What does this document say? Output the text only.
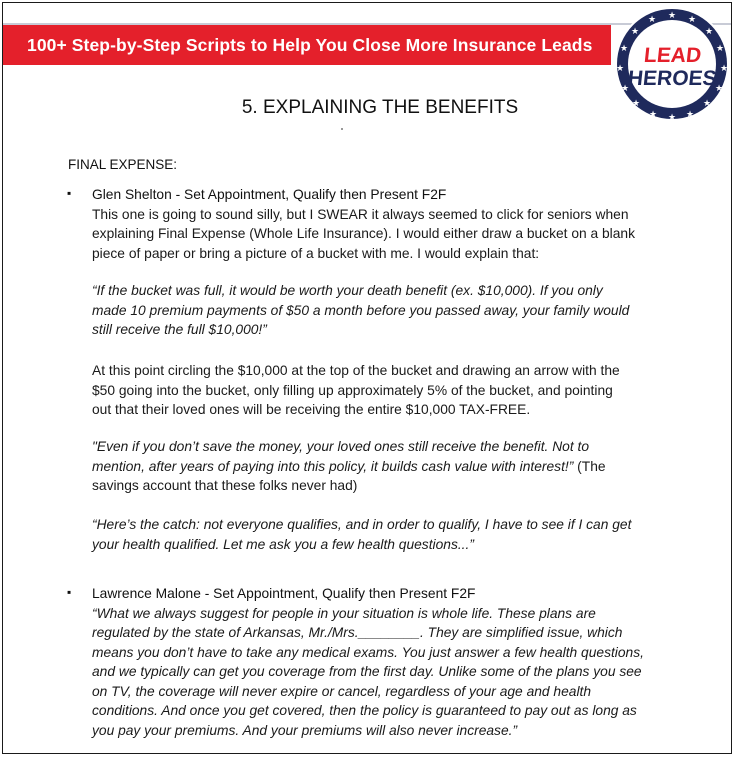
100+ Step-by-Step Scripts to Help You Close More Insurance Leads
★ ★
★
★
★
★
★
★
★
★
★
★
★
★
★
★
LEAD
HEROES
5. EXPLAINING THE BENEFITS
FINAL EXPENSE:
▪ Glen Shelton - Set Appointment, Qualify then Present F2F

This one is going to sound silly, but I SWEAR it always seemed to click for seniors when

explaining Final Expense (Whole Life Insurance). I would either draw a bucket on a blank

piece of paper or bring a picture of a bucket with me. I would explain that:

“If the bucket was full, it would be worth your death benefit (ex. $10,000). If you only

made 10 premium payments of $50 a month before you passed away, your family would

still receive the full $10,000!”

At this point circling the $10,000 at the top of the bucket and drawing an arrow with the

$50 going into the bucket, only filling up approximately 5% of the bucket, and pointing

out that their loved ones will be receiving the entire $10,000 TAX-FREE.

"Even if you don’t save the money, your loved ones still receive the benefit. Not to

mention, after years of paying into this policy, it builds cash value with interest!” (The

savings account that these folks never had)

“Here’s the catch: not everyone qualifies, and in order to qualify, I have to see if I can get

your health qualified. Let me ask you a few health questions...”

▪ Lawrence Malone - Set Appointment, Qualify then Present F2F

“What we always suggest for people in your situation is whole life. These plans are

regulated by the state of Arkansas, Mr./Mrs.________. They are simplified issue, which

means you don’t have to take any medical exams. You just answer a few health questions,

and we typically can get you coverage from the first day. Unlike some of the plans you see

on TV, the coverage will never expire or cancel, regardless of your age and health

conditions. And once you get covered, then the policy is guaranteed to pay out as long as

you pay your premiums. And your premiums will also never increase.”
